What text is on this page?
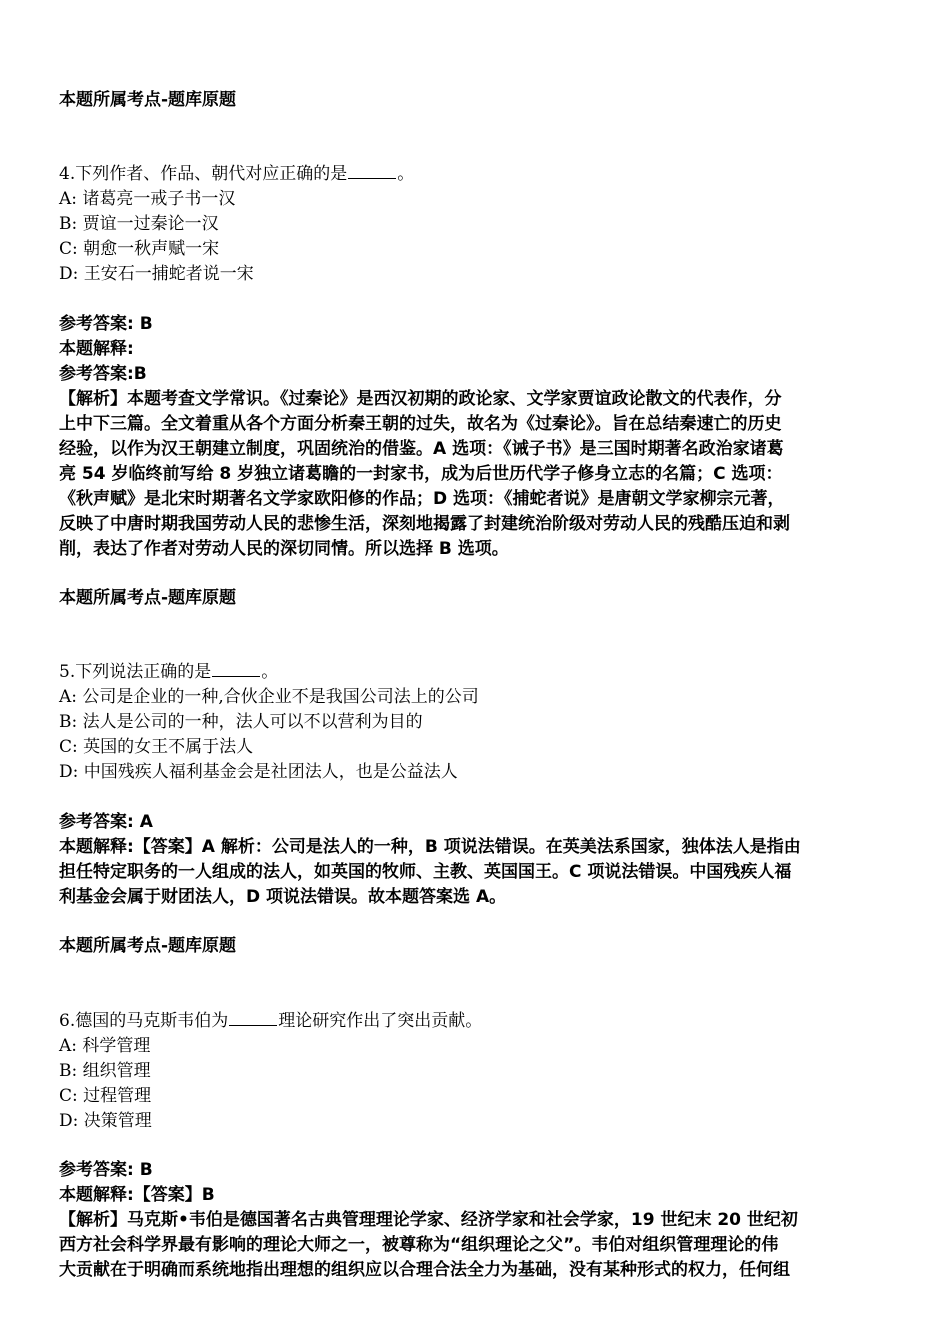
本题所属考点-题库原题
4.下列作者、作品、朝代对应正确的是	。
A: 诸葛亮一戒子书一汉
B: 贾谊一过秦论一汉
C: 朝愈一秋声赋一宋
D: 王安石一捕蛇者说一宋
参考答案: B
本题解释:
参考答案:B
【解析】本题考查文学常识。《过秦论》是西汉初期的政论家、文学家贾谊政论散文的代表作，分
上中下三篇。全文着重从各个方面分析秦王朝的过失，故名为《过秦论》。旨在总结秦速亡的历史
经验，以作为汉王朝建立制度，巩固统治的借鉴。A 选项：《诫子书》是三国时期著名政治家诸葛
亮 54 岁临终前写给 8 岁独立诸葛瞻的一封家书，成为后世历代学子修身立志的名篇；C 选项：
《秋声赋》是北宋时期著名文学家欧阳修的作品；D 选项：《捕蛇者说》是唐朝文学家柳宗元著，
反映了中唐时期我国劳动人民的悲惨生活，深刻地揭露了封建统治阶级对劳动人民的残酷压迫和剥
削，表达了作者对劳动人民的深切同情。所以选择 B 选项。
本题所属考点-题库原题
5.下列说法正确的是	。
A: 公司是企业的一种,合伙企业不是我国公司法上的公司
B: 法人是公司的一种，法人可以不以营利为目的
C: 英国的女王不属于法人
D: 中国残疾人福利基金会是社团法人，也是公益法人
参考答案: A
本题解释:【答案】A 解析：公司是法人的一种，B 项说法错误。在英美法系国家，独体法人是指由
担任特定职务的一人组成的法人，如英国的牧师、主教、英国国王。C 项说法错误。中国残疾人福
利基金会属于财团法人，D 项说法错误。故本题答案选 A。
本题所属考点-题库原题
6.德国的马克斯韦伯为	理论研究作出了突出贡献。
A: 科学管理
B: 组织管理
C: 过程管理
D: 决策管理
参考答案: B
本题解释:【答案】B
【解析】马克斯•韦伯是德国著名古典管理理论学家、经济学家和社会学家，19 世纪末 20 世纪初
西方社会科学界最有影响的理论大师之一，被尊称为“组织理论之父”。韦伯对组织管理理论的伟
大贡献在于明确而系统地指出理想的组织应以合理合法全力为基础，没有某种形式的权力，任何组
